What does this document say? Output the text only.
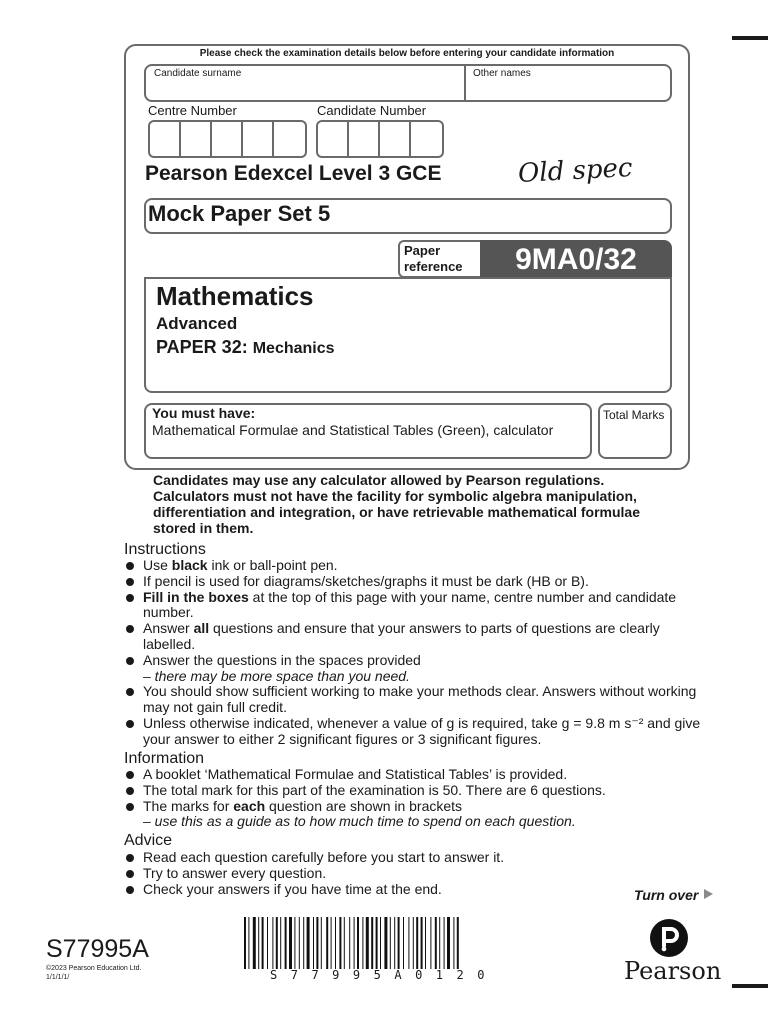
Please check the examination details below before entering your candidate information
Candidate surname	Other names
Centre Number	Candidate Number
Pearson Edexcel Level 3 GCE	Old spec
Mock Paper Set 5
Paper
reference	9MA0/32
Mathematics
Advanced
PAPER 32: Mechanics
You must have:
Mathematical Formulae and Statistical Tables (Green), calculator
Total Marks
Candidates may use any calculator allowed by Pearson regulations. Calculators must not have the facility for symbolic algebra manipulation, differentiation and integration, or have retrievable mathematical formulae stored in them.
Instructions
Use black ink or ball-point pen.
If pencil is used for diagrams/sketches/graphs it must be dark (HB or B).
Fill in the boxes at the top of this page with your name, centre number and candidate number.
Answer all questions and ensure that your answers to parts of questions are clearly labelled.
Answer the questions in the spaces provided
– there may be more space than you need.
You should show sufficient working to make your methods clear. Answers without working may not gain full credit.
Unless otherwise indicated, whenever a value of g is required, take g = 9.8 m s⁻² and give your answer to either 2 significant figures or 3 significant figures.
Information
A booklet ‘Mathematical Formulae and Statistical Tables’ is provided.
The total mark for this part of the examination is 50. There are 6 questions.
The marks for each question are shown in brackets
– use this as a guide as to how much time to spend on each question.
Advice
Read each question carefully before you start to answer it.
Try to answer every question.
Check your answers if you have time at the end.	Turn over
S77995A
©2023 Pearson Education Ltd.
1/1/1/1/	S77995A0120	Pearson
